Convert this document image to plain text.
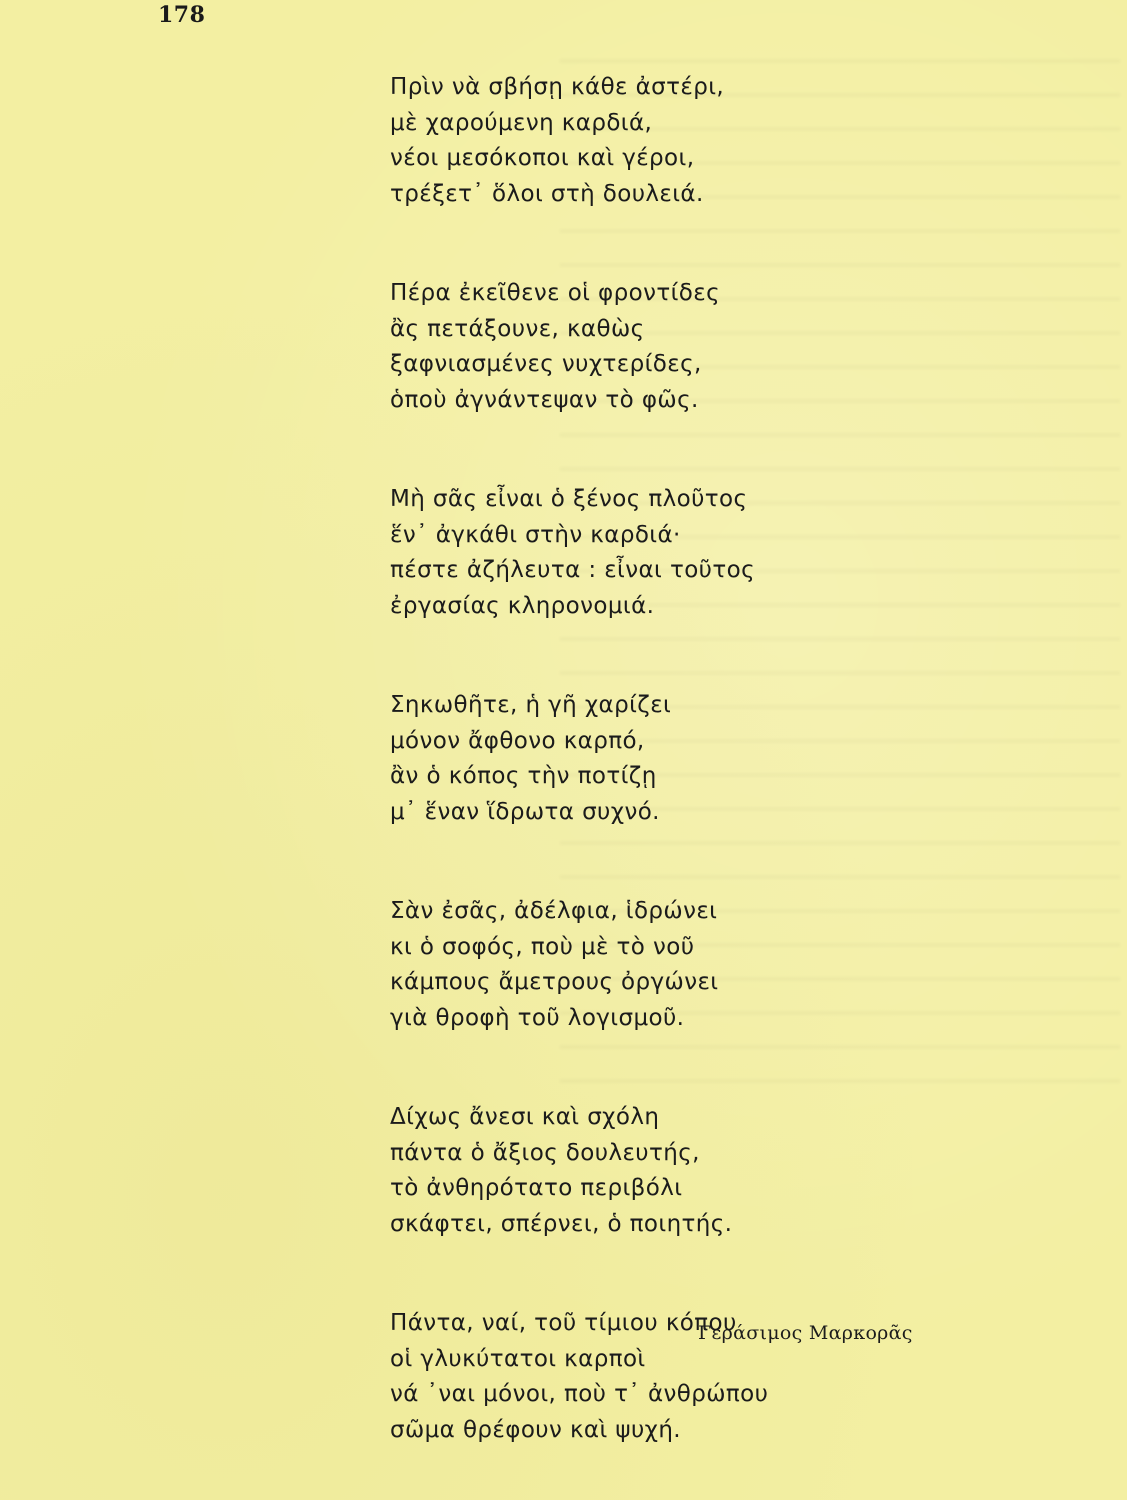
178
Πρὶν νὰ σβήσῃ κάθε ἀστέρι,
μὲ χαρούμενη καρδιά,
νέοι μεσόκοποι καὶ γέροι,
τρέξετ᾽ ὅλοι στὴ δουλειά.
Πέρα ἐκεῖθενε οἱ φροντίδες
ἂς πετάξουνε, καθὼς
ξαφνιασμένες νυχτερίδες,
ὁποὺ ἀγνάντεψαν τὸ φῶς.
Μὴ σᾶς εἶναι ὁ ξένος πλοῦτος
ἕν᾽ ἀγκάθι στὴν καρδιά·
πέστε ἀζήλευτα : εἶναι τοῦτος
ἐργασίας κληρονομιά.
Σηκωθῆτε, ἡ γῆ χαρίζει
μόνον ἄφθονο καρπό,
ἂν ὁ κόπος τὴν ποτίζῃ
μ᾽ ἕναν ἵδρωτα συχνό.
Σὰν ἐσᾶς, ἀδέλφια, ἱδρώνει
κι ὁ σοφός, ποὺ μὲ τὸ νοῦ
κάμπους ἄμετρους ὀργώνει
γιὰ θροφὴ τοῦ λογισμοῦ.
Δίχως ἄνεσι καὶ σχόλη
πάντα ὁ ἄξιος δουλευτής,
τὸ ἀνθηρότατο περιβόλι
σκάφτει, σπέρνει, ὁ ποιητής.
Πάντα, ναί, τοῦ τίμιου κόπου
οἱ γλυκύτατοι καρποὶ
νά ᾽ναι μόνοι, ποὺ τ᾽ ἀνθρώπου
σῶμα θρέφουν καὶ ψυχή.
Γεράσιμος Μαρκορᾶς
